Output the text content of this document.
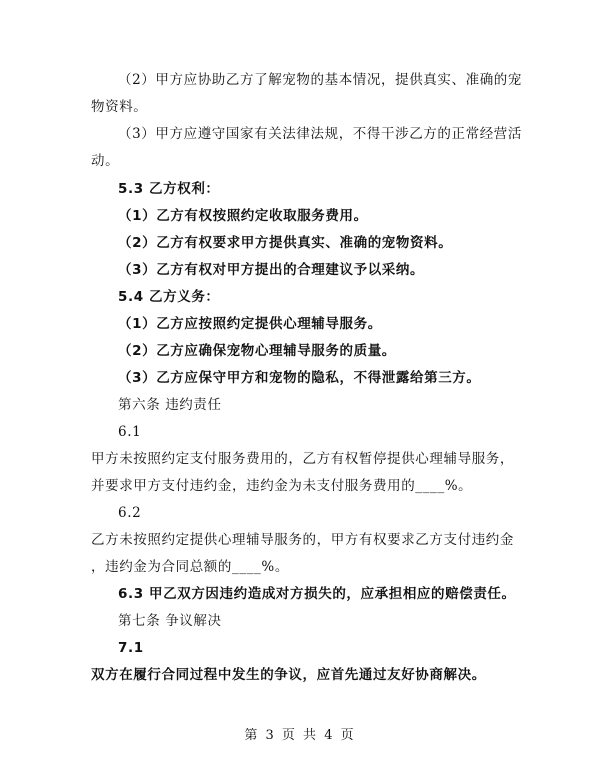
（2）甲方应协助乙方了解宠物的基本情况，提供真实、准确的宠
物资料。
（3）甲方应遵守国家有关法律法规，不得干涉乙方的正常经营活
动。
5.3 乙方权利：
（1）乙方有权按照约定收取服务费用。
（2）乙方有权要求甲方提供真实、准确的宠物资料。
（3）乙方有权对甲方提出的合理建议予以采纳。
5.4 乙方义务：
（1）乙方应按照约定提供心理辅导服务。
（2）乙方应确保宠物心理辅导服务的质量。
（3）乙方应保守甲方和宠物的隐私，不得泄露给第三方。
第六条 违约责任
6.1
甲方未按照约定支付服务费用的，乙方有权暂停提供心理辅导服务，
并要求甲方支付违约金，违约金为未支付服务费用的____%。
6.2
乙方未按照约定提供心理辅导服务的，甲方有权要求乙方支付违约金
，违约金为合同总额的____%。
6.3 甲乙双方因违约造成对方损失的，应承担相应的赔偿责任。
第七条 争议解决
7.1
双方在履行合同过程中发生的争议，应首先通过友好协商解决。
第 3 页 共 4 页
